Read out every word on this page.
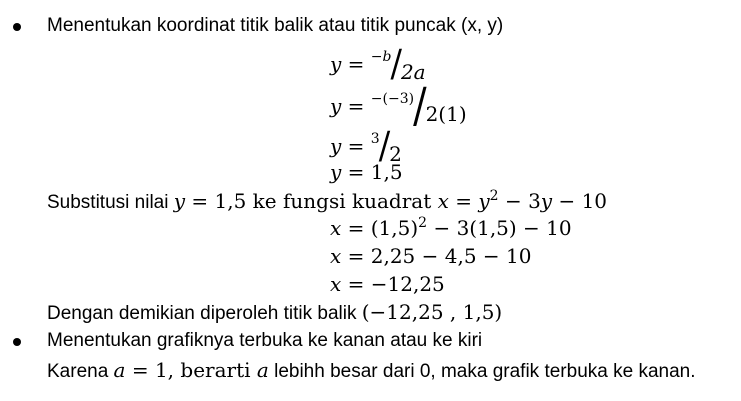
Menentukan koordinat titik balik atau titik puncak (x, y)
y = $^{-b}$/2a
y = $^{-(-3)}$/2(1)
y = $^3$/2
y = 1,5
Substitusi nilai y = 1,5 ke fungsi kuadrat $x = y^2 - 3y - 10$
$x = (1,5)^2 - 3(1,5) - 10$
x = 2,25 − 4,5 − 10
x = −12,25
Dengan demikian diperoleh titik balik (−12,25 , 1,5)
Menentukan grafiknya terbuka ke kanan atau ke kiri
Karena a = 1, berarti a lebihh besar dari 0, maka grafik terbuka ke kanan.
